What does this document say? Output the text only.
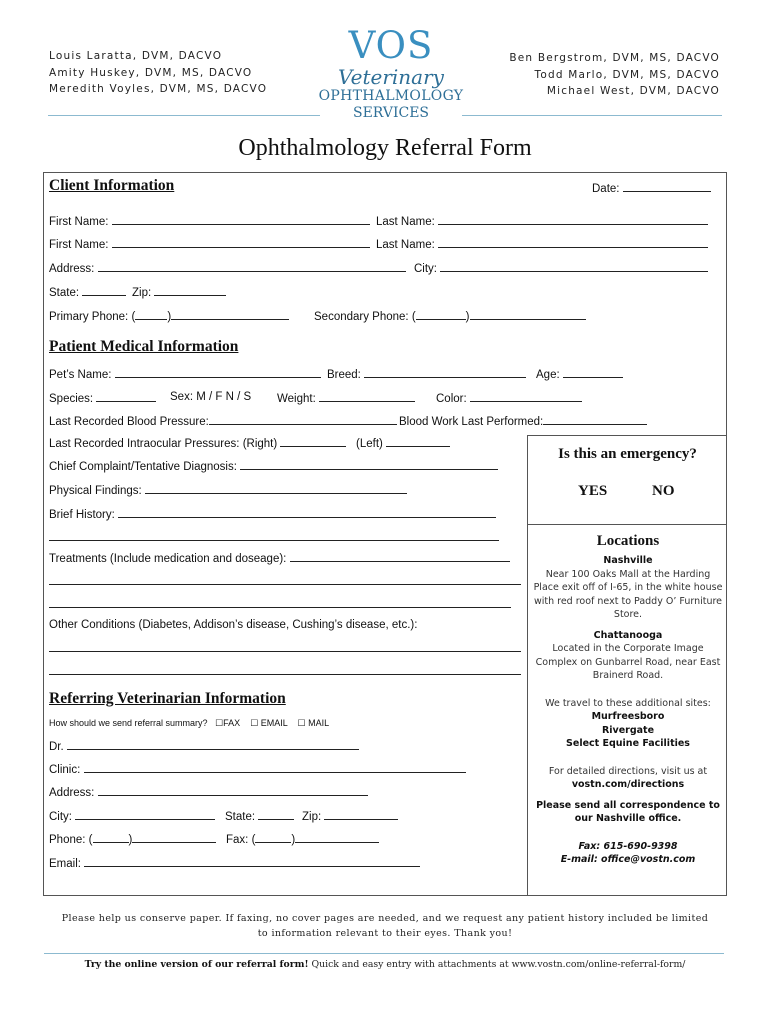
Louis Laratta, DVM, DACVO
Amity Huskey, DVM, MS, DACVO
Meredith Voyles, DVM, MS, DACVO
Ben Bergstrom, DVM, MS, DACVO
Todd Marlo, DVM, MS, DACVO
Michael West, DVM, DACVO
VOS
Veterinary
OPHTHALMOLOGY
SERVICES
Ophthalmology Referral Form
Client Information	Date:
First Name:	Last Name:
First Name:	Last Name:
Address:	City:
State:	Zip:
Primary Phone: (	)	Secondary Phone: (	)
Patient Medical Information
Pet’s Name:	Breed:	Age:
Species:	Sex: M / F N / S Weight:	Color:
Last Recorded Blood Pressure:	Blood Work Last Performed:
Last Recorded Intraocular Pressures: (Right)	(Left)
Chief Complaint/Tentative Diagnosis:
Physical Findings:
Brief History:
Treatments (Include medication and doseage):
Other Conditions (Diabetes, Addison’s disease, Cushing’s disease, etc.):
Referring Veterinarian Information
How should we send referral summary? ☐FAX ☐ EMAIL ☐ MAIL
Dr.
Clinic:
Address:
City:	State:	Zip:
Phone: (	)	Fax: (	)
Email:
Is this an emergency?
YES	NO
Locations
Nashville
Near 100 Oaks Mall at the Harding Place exit off of I-65, in the white house with red roof next to Paddy O’ Furniture Store.
Chattanooga
Located in the Corporate Image Complex on Gunbarrel Road, near East Brainerd Road.
We travel to these additional sites:
Murfreesboro
Rivergate
Select Equine Facilities
For detailed directions, visit us at
vostn.com/directions
Please send all correspondence to our Nashville office.
Fax: 615-690-9398
E-mail: office@vostn.com
Please help us conserve paper. If faxing, no cover pages are needed, and we request any patient history included be limited to information relevant to their eyes. Thank you!
Try the online version of our referral form! Quick and easy entry with attachments at www.vostn.com/online-referral-form/
